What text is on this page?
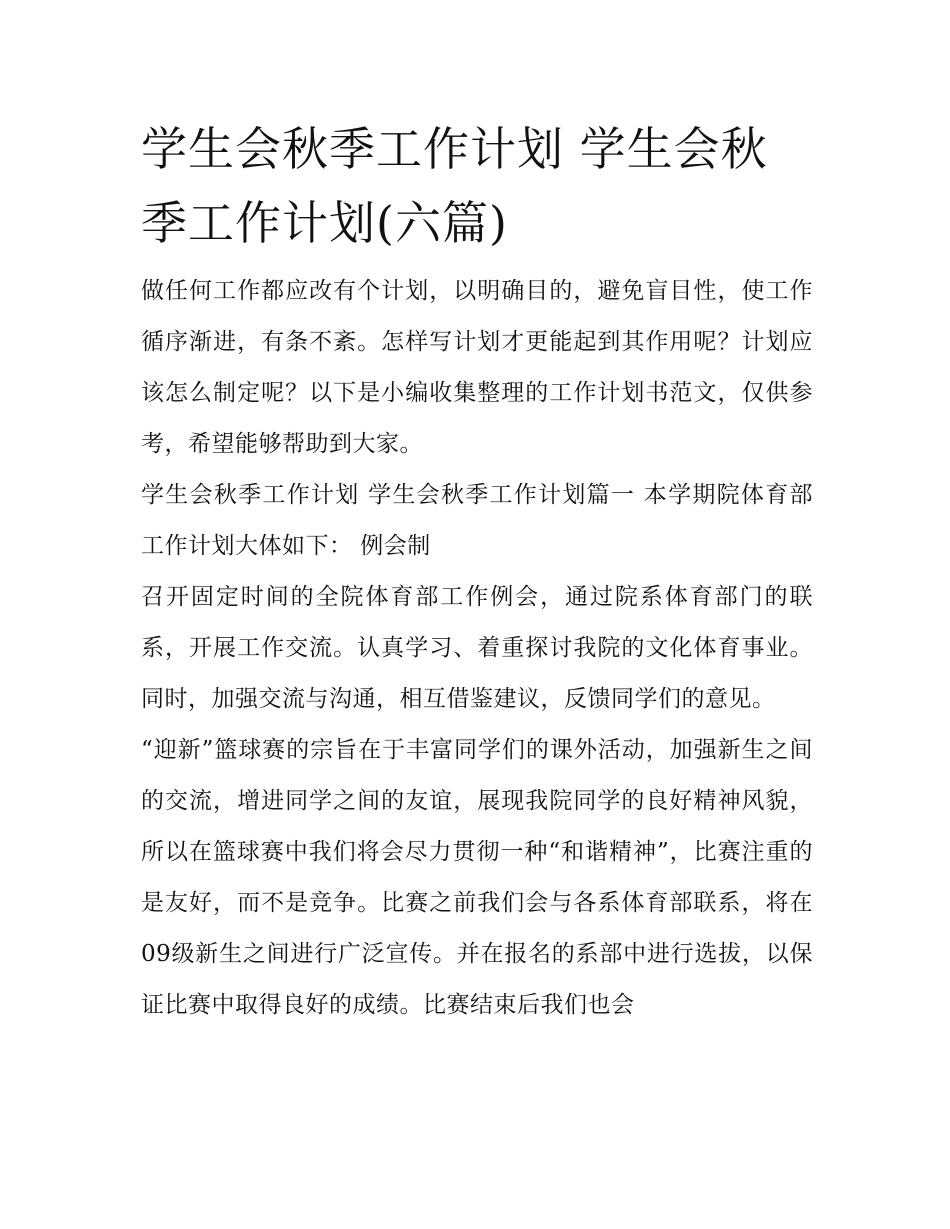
学生会秋季工作计划 学生会秋季工作计划(六篇)

做任何工作都应改有个计划，以明确目的，避免盲目性，使工作循序渐进，有条不紊。怎样写计划才更能起到其作用呢？计划应该怎么制定呢？以下是小编收集整理的工作计划书范文，仅供参考，希望能够帮助到大家。

学生会秋季工作计划 学生会秋季工作计划篇一 本学期院体育部工作计划大体如下： 例会制

召开固定时间的全院体育部工作例会，通过院系体育部门的联系，开展工作交流。认真学习、着重探讨我院的文化体育事业。同时，加强交流与沟通，相互借鉴建议，反馈同学们的意见。

“迎新”篮球赛的宗旨在于丰富同学们的课外活动，加强新生之间的交流，增进同学之间的友谊，展现我院同学的良好精神风貌，所以在篮球赛中我们将会尽力贯彻一种“和谐精神”，比赛注重的是友好，而不是竞争。比赛之前我们会与各系体育部联系，将在09级新生之间进行广泛宣传。并在报名的系部中进行选拔，以保证比赛中取得良好的成绩。比赛结束后我们也会
